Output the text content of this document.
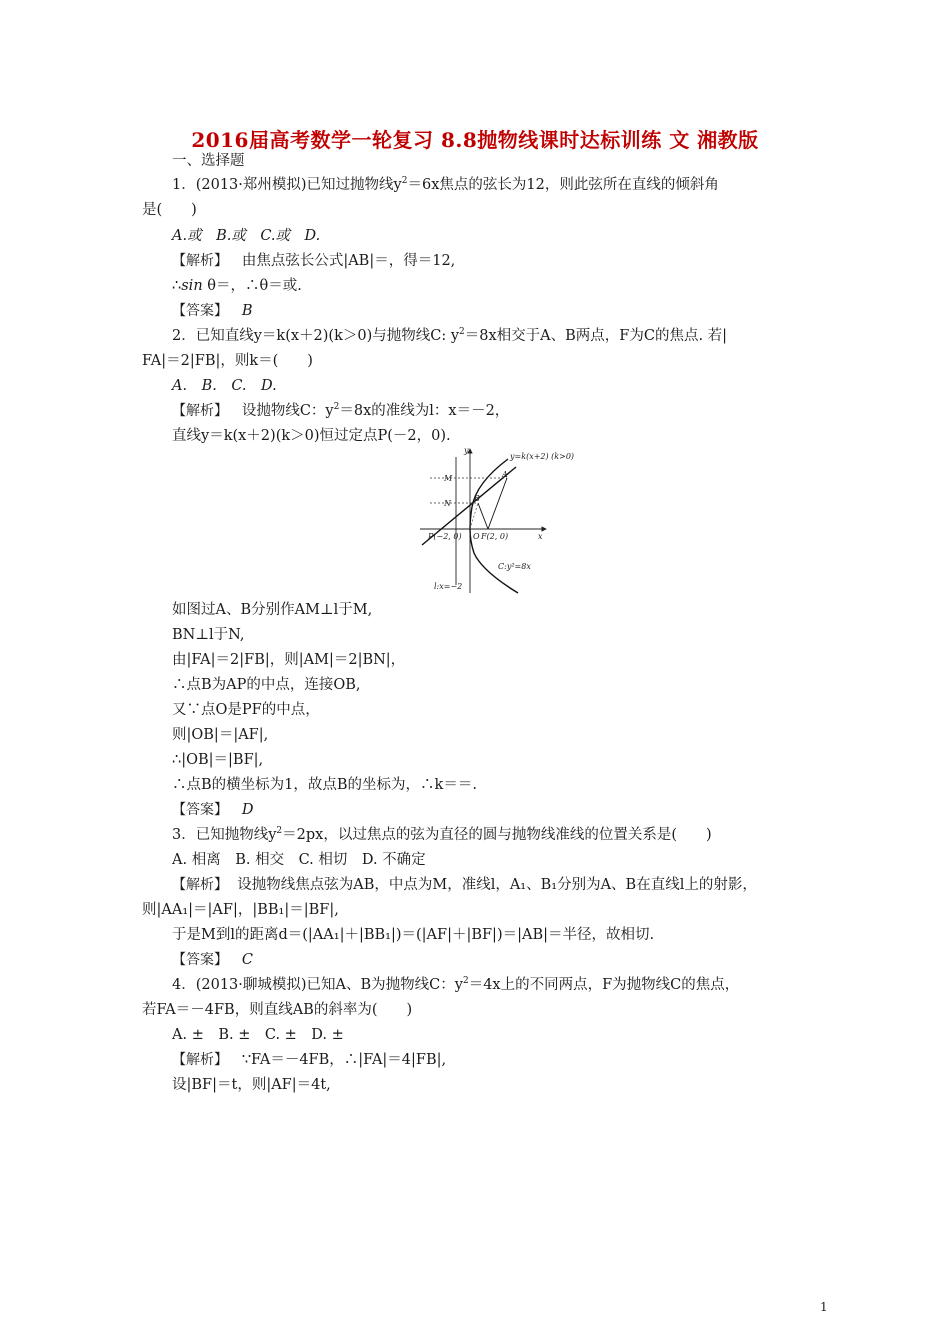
2016届高考数学一轮复习 8.8抛物线课时达标训练 文 湘教版
一、选择题
1．(2013·郑州模拟)已知过抛物线$y^2=6x$焦点的弦长为12，则此弦所在直线的倾斜角
是(　　)
A.或　B.或　C.或　D.
【解析】 由焦点弦长公式|AB|＝，得＝12,
∴sin θ＝，∴θ＝或.
【答案】 B
2．已知直线y＝k(x＋2)(k＞0)与抛物线C: $y^2=8x$相交于A、B两点，F为C的焦点. 若|
FA|＝2|FB|，则k＝(　　)
A.　B.　C.　D.
【解析】 设抛物线C：$y^2=8x$的准线为l：x＝－2，
直线y＝k(x＋2)(k＞0)恒过定点P(－2，0).
y=k(x+2) (k>0)
A
B
M
N
y
x
P(−2, 0) O F(2, 0)
C:y²=8x
l:x=−2
如图过A、B分别作AM⊥l于M,
BN⊥l于N,
由|FA|＝2|FB|，则|AM|＝2|BN|，
∴点B为AP的中点，连接OB,
又∵点O是PF的中点，
则|OB|＝|AF|,
∴|OB|＝|BF|,
∴点B的横坐标为1，故点B的坐标为，∴k＝＝.
【答案】 D
3．已知抛物线$y^2=2px$，以过焦点的弦为直径的圆与抛物线准线的位置关系是(　　)
A. 相离　B. 相交　C. 相切　D. 不确定
【解析】 设抛物线焦点弦为AB，中点为M，准线l，A₁、B₁分别为A、B在直线l上的射影，
则|AA₁|＝|AF|，|BB₁|＝|BF|,
于是M到l的距离d＝(|AA₁|＋|BB₁|)＝(|AF|＋|BF|)＝|AB|＝半径，故相切.
【答案】 C
4．(2013·聊城模拟)已知A、B为抛物线C：$y^2=4x$上的不同两点，F为抛物线C的焦点，
若FA＝－4FB，则直线AB的斜率为(　　)
A. ±　B. ±　C. ±　D. ±
【解析】 ∵FA＝－4FB，∴|FA|＝4|FB|,
设|BF|＝t，则|AF|＝4t,
1
